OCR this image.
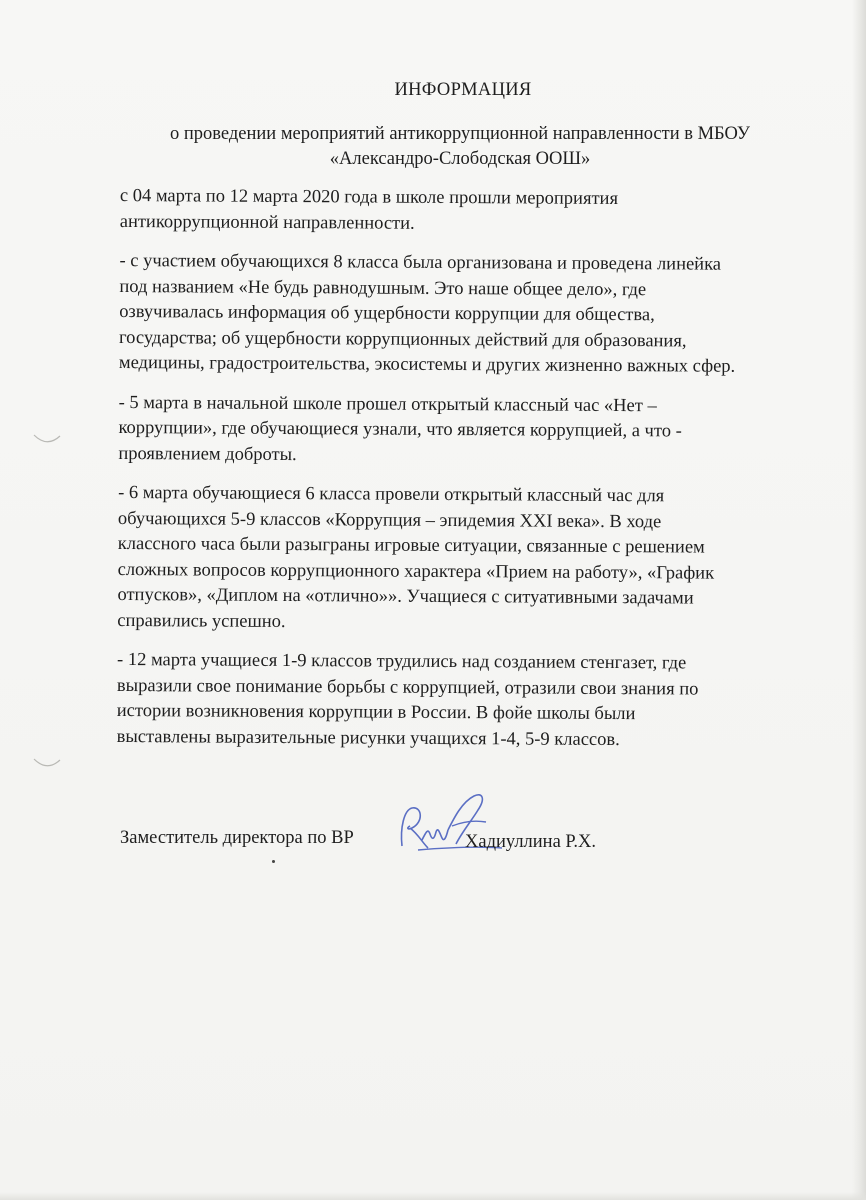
ИНФОРМАЦИЯ
о проведении мероприятий антикоррупционной направленности в МБОУ
«Александро-Слободская ООШ»

с 04 марта по 12 марта 2020 года в школе прошли мероприятия
антикоррупционной направленности.

- с участием обучающихся 8 класса была организована и проведена линейка
под названием «Не будь равнодушным. Это наше общее дело», где
озвучивалась информация об ущербности коррупции для общества,
государства; об ущербности коррупционных действий для образования,
медицины, градостроительства, экосистемы и других жизненно важных сфер.

- 5 марта в начальной школе прошел открытый классный час «Нет –
коррупции», где обучающиеся узнали, что является коррупцией, а что -
проявлением доброты.

- 6 марта обучающиеся 6 класса провели открытый классный час для
обучающихся 5-9 классов «Коррупция – эпидемия XXI века». В ходе
классного часа были разыграны игровые ситуации, связанные с решением
сложных вопросов коррупционного характера «Прием на работу», «График
отпусков», «Диплом на «отлично»». Учащиеся с ситуативными задачами
справились успешно.

- 12 марта учащиеся 1-9 классов трудились над созданием стенгазет, где
выразили свое понимание борьбы с коррупцией, отразили свои знания по
истории возникновения коррупции в России. В фойе школы были
выставлены выразительные рисунки учащихся 1-4, 5-9 классов.

Заместитель директора по ВР	Хадиуллина Р.Х.
